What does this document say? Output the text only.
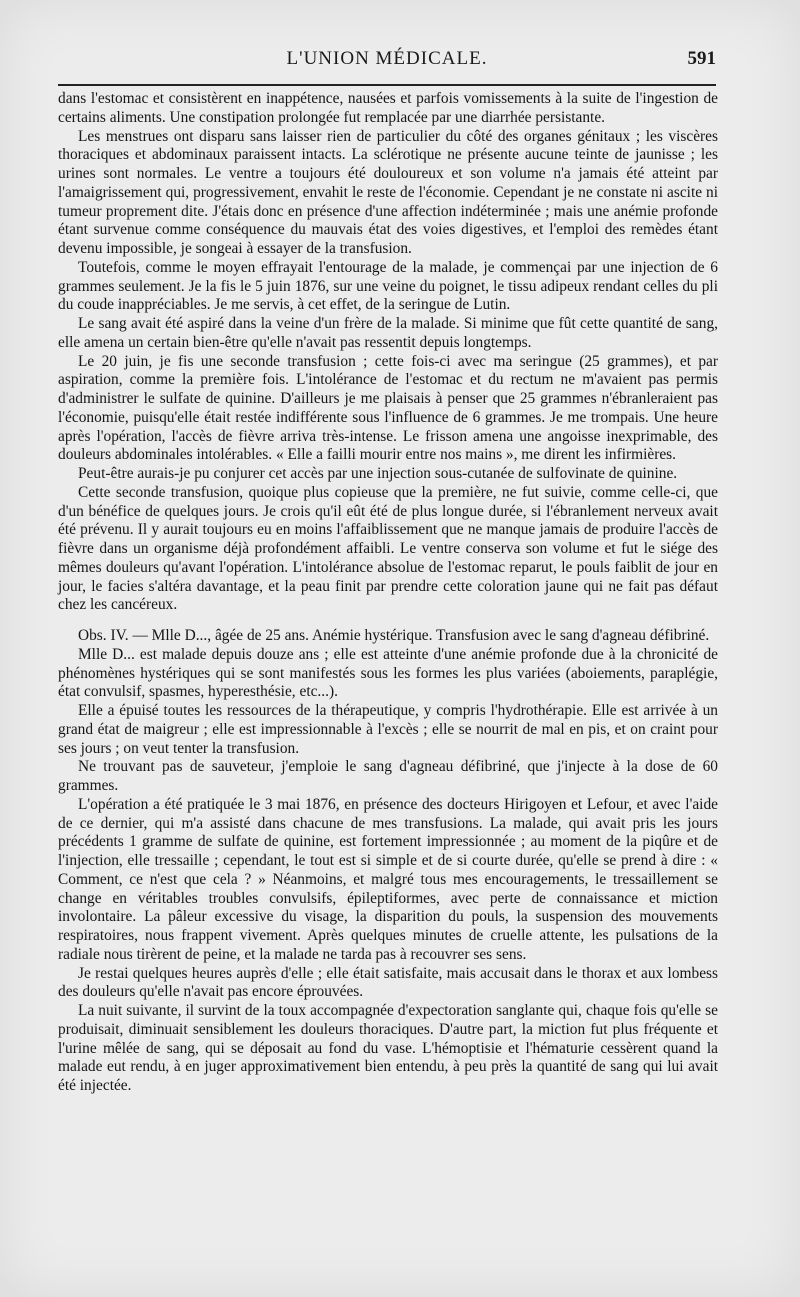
L'UNION MÉDICALE.	591

dans l'estomac et consistèrent en inappétence, nausées et parfois vomissements à la suite de l'ingestion de certains aliments. Une constipation prolongée fut remplacée par une diarrhée persistante.

Les menstrues ont disparu sans laisser rien de particulier du côté des organes génitaux ; les viscères thoraciques et abdominaux paraissent intacts. La sclérotique ne présente aucune teinte de jaunisse ; les urines sont normales. Le ventre a toujours été douloureux et son volume n'a jamais été atteint par l'amaigrissement qui, progressivement, envahit le reste de l'économie. Cependant je ne constate ni ascite ni tumeur proprement dite. J'étais donc en présence d'une affection indéterminée ; mais une anémie profonde étant survenue comme conséquence du mauvais état des voies digestives, et l'emploi des remèdes étant devenu impossible, je songeai à essayer de la transfusion.

Toutefois, comme le moyen effrayait l'entourage de la malade, je commençai par une injection de 6 grammes seulement. Je la fis le 5 juin 1876, sur une veine du poignet, le tissu adipeux rendant celles du pli du coude inappréciables. Je me servis, à cet effet, de la seringue de Lutin.

Le sang avait été aspiré dans la veine d'un frère de la malade. Si minime que fût cette quantité de sang, elle amena un certain bien-être qu'elle n'avait pas ressentit depuis longtemps.

Le 20 juin, je fis une seconde transfusion ; cette fois-ci avec ma seringue (25 grammes), et par aspiration, comme la première fois. L'intolérance de l'estomac et du rectum ne m'avaient pas permis d'administrer le sulfate de quinine. D'ailleurs je me plaisais à penser que 25 grammes n'ébranleraient pas l'économie, puisqu'elle était restée indifférente sous l'influence de 6 grammes. Je me trompais. Une heure après l'opération, l'accès de fièvre arriva très-intense. Le frisson amena une angoisse inexprimable, des douleurs abdominales intolérables. « Elle a failli mourir entre nos mains », me dirent les infirmières.

Peut-être aurais-je pu conjurer cet accès par une injection sous-cutanée de sulfovinate de quinine.

Cette seconde transfusion, quoique plus copieuse que la première, ne fut suivie, comme celle-ci, que d'un bénéfice de quelques jours. Je crois qu'il eût été de plus longue durée, si l'ébranlement nerveux avait été prévenu. Il y aurait toujours eu en moins l'affaiblissement que ne manque jamais de produire l'accès de fièvre dans un organisme déjà profondément affaibli. Le ventre conserva son volume et fut le siége des mêmes douleurs qu'avant l'opération. L'intolérance absolue de l'estomac reparut, le pouls faiblit de jour en jour, le facies s'altéra davantage, et la peau finit par prendre cette coloration jaune qui ne fait pas défaut chez les cancéreux.

Obs. IV. — Mlle D..., âgée de 25 ans. Anémie hystérique. Transfusion avec le sang d'agneau défibriné.

Mlle D... est malade depuis douze ans ; elle est atteinte d'une anémie profonde due à la chronicité de phénomènes hystériques qui se sont manifestés sous les formes les plus variées (aboiements, paraplégie, état convulsif, spasmes, hyperesthésie, etc...).

Elle a épuisé toutes les ressources de la thérapeutique, y compris l'hydrothérapie. Elle est arrivée à un grand état de maigreur ; elle est impressionnable à l'excès ; elle se nourrit de mal en pis, et on craint pour ses jours ; on veut tenter la transfusion.

Ne trouvant pas de sauveteur, j'emploie le sang d'agneau défibriné, que j'injecte à la dose de 60 grammes.

L'opération a été pratiquée le 3 mai 1876, en présence des docteurs Hirigoyen et Lefour, et avec l'aide de ce dernier, qui m'a assisté dans chacune de mes transfusions. La malade, qui avait pris les jours précédents 1 gramme de sulfate de quinine, est fortement impressionnée ; au moment de la piqûre et de l'injection, elle tressaille ; cependant, le tout est si simple et de si courte durée, qu'elle se prend à dire : « Comment, ce n'est que cela ? » Néanmoins, et malgré tous mes encouragements, le tressaillement se change en véritables troubles convulsifs, épileptiformes, avec perte de connaissance et miction involontaire. La pâleur excessive du visage, la disparition du pouls, la suspension des mouvements respiratoires, nous frappent vivement. Après quelques minutes de cruelle attente, les pulsations de la radiale nous tirèrent de peine, et la malade ne tarda pas à recouvrer ses sens.

Je restai quelques heures auprès d'elle ; elle était satisfaite, mais accusait dans le thorax et aux lombess des douleurs qu'elle n'avait pas encore éprouvées.

La nuit suivante, il survint de la toux accompagnée d'expectoration sanglante qui, chaque fois qu'elle se produisait, diminuait sensiblement les douleurs thoraciques. D'autre part, la miction fut plus fréquente et l'urine mêlée de sang, qui se déposait au fond du vase. L'hémoptisie et l'hématurie cessèrent quand la malade eut rendu, à en juger approximativement bien entendu, à peu près la quantité de sang qui lui avait été injectée.
